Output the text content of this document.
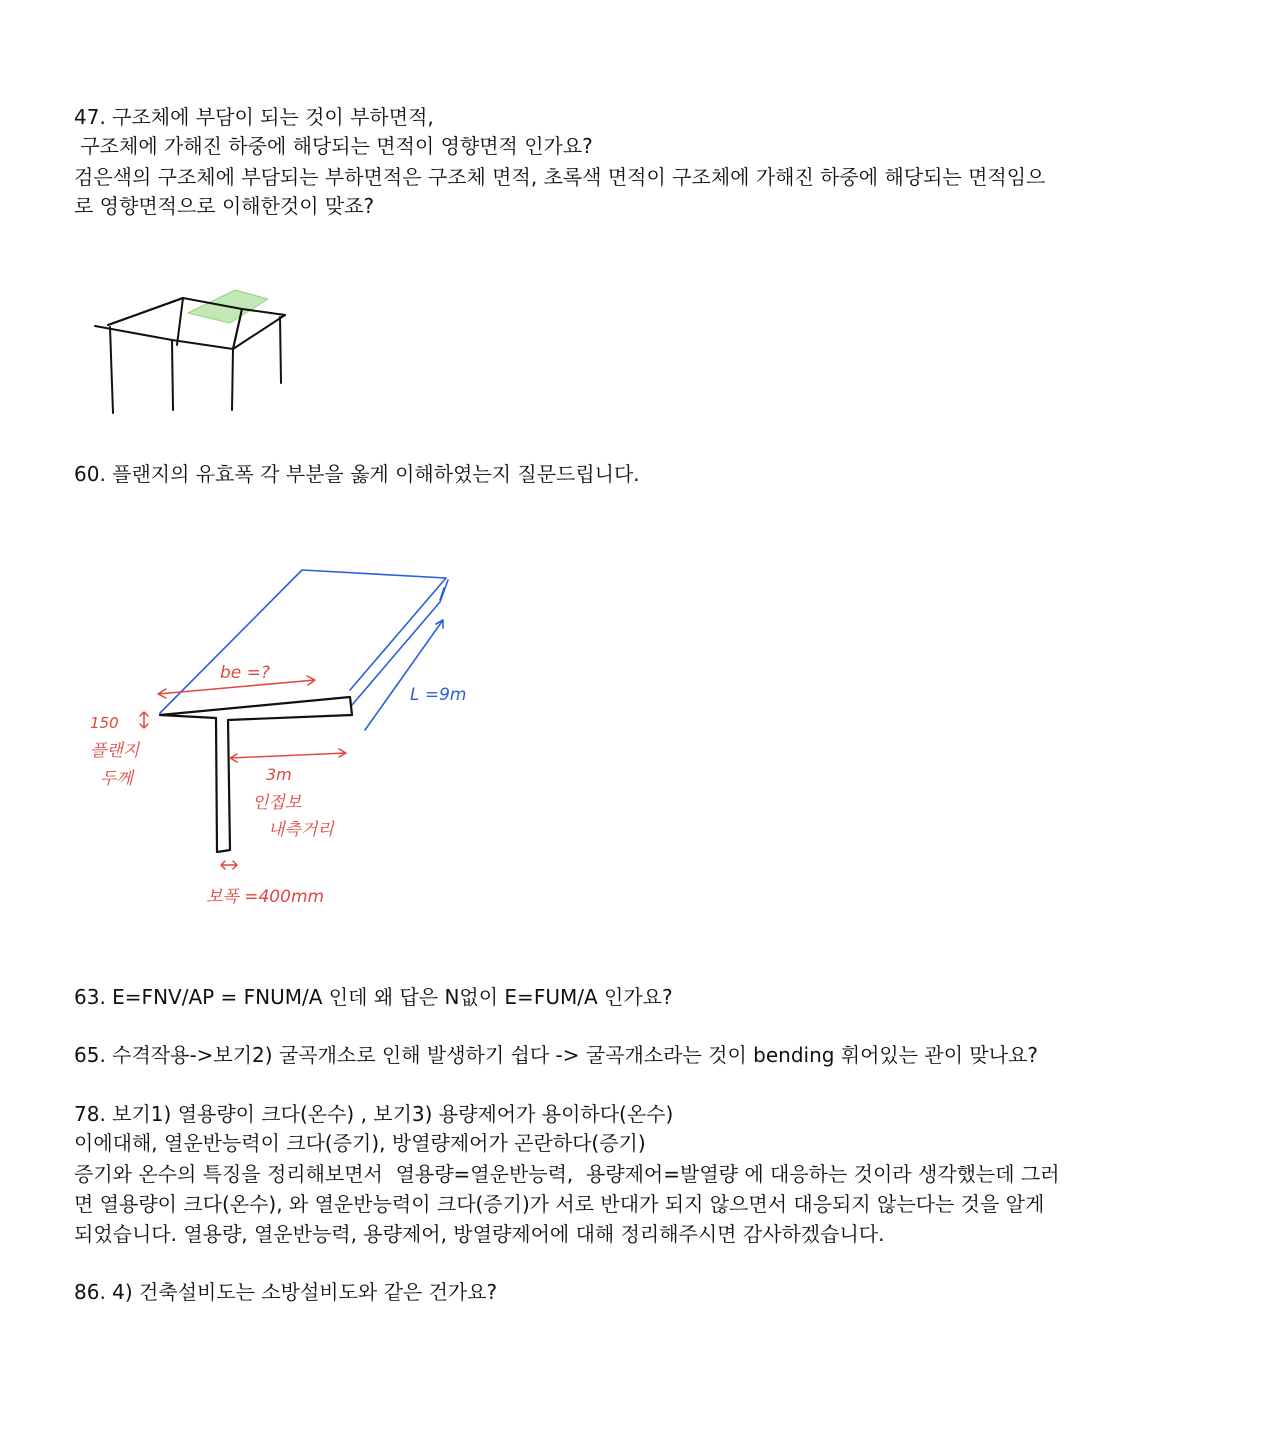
47. 구조체에 부담이 되는 것이 부하면적,

구조체에 가해진 하중에 해당되는 면적이 영향면적 인가요?

검은색의 구조체에 부담되는 부하면적은 구조체 면적, 초록색 면적이 구조체에 가해진 하중에 해당되는 면적임으

로 영향면적으로 이해한것이 맞죠?

60. 플랜지의 유효폭 각 부분을 옳게 이해하였는지 질문드립니다.

be =?
150
플랜지
두께
L =9m
3m
인접보
내측거리
보폭 =400mm

63. E=FNV/AP = FNUM/A 인데 왜 답은 N없이 E=FUM/A 인가요?

65. 수격작용->보기2) 굴곡개소로 인해 발생하기 쉽다 -> 굴곡개소라는 것이 bending 휘어있는 관이 맞나요?

78. 보기1) 열용량이 크다(온수) , 보기3) 용량제어가 용이하다(온수)

이에대해, 열운반능력이 크다(증기), 방열량제어가 곤란하다(증기)

증기와 온수의 특징을 정리해보면서  열용량=열운반능력,  용량제어=발열량 에 대응하는 것이라 생각했는데 그러

면 열용량이 크다(온수), 와 열운반능력이 크다(증기)가 서로 반대가 되지 않으면서 대응되지 않는다는 것을 알게

되었습니다. 열용량, 열운반능력, 용량제어, 방열량제어에 대해 정리해주시면 감사하겠습니다.

86. 4) 건축설비도는 소방설비도와 같은 건가요?
